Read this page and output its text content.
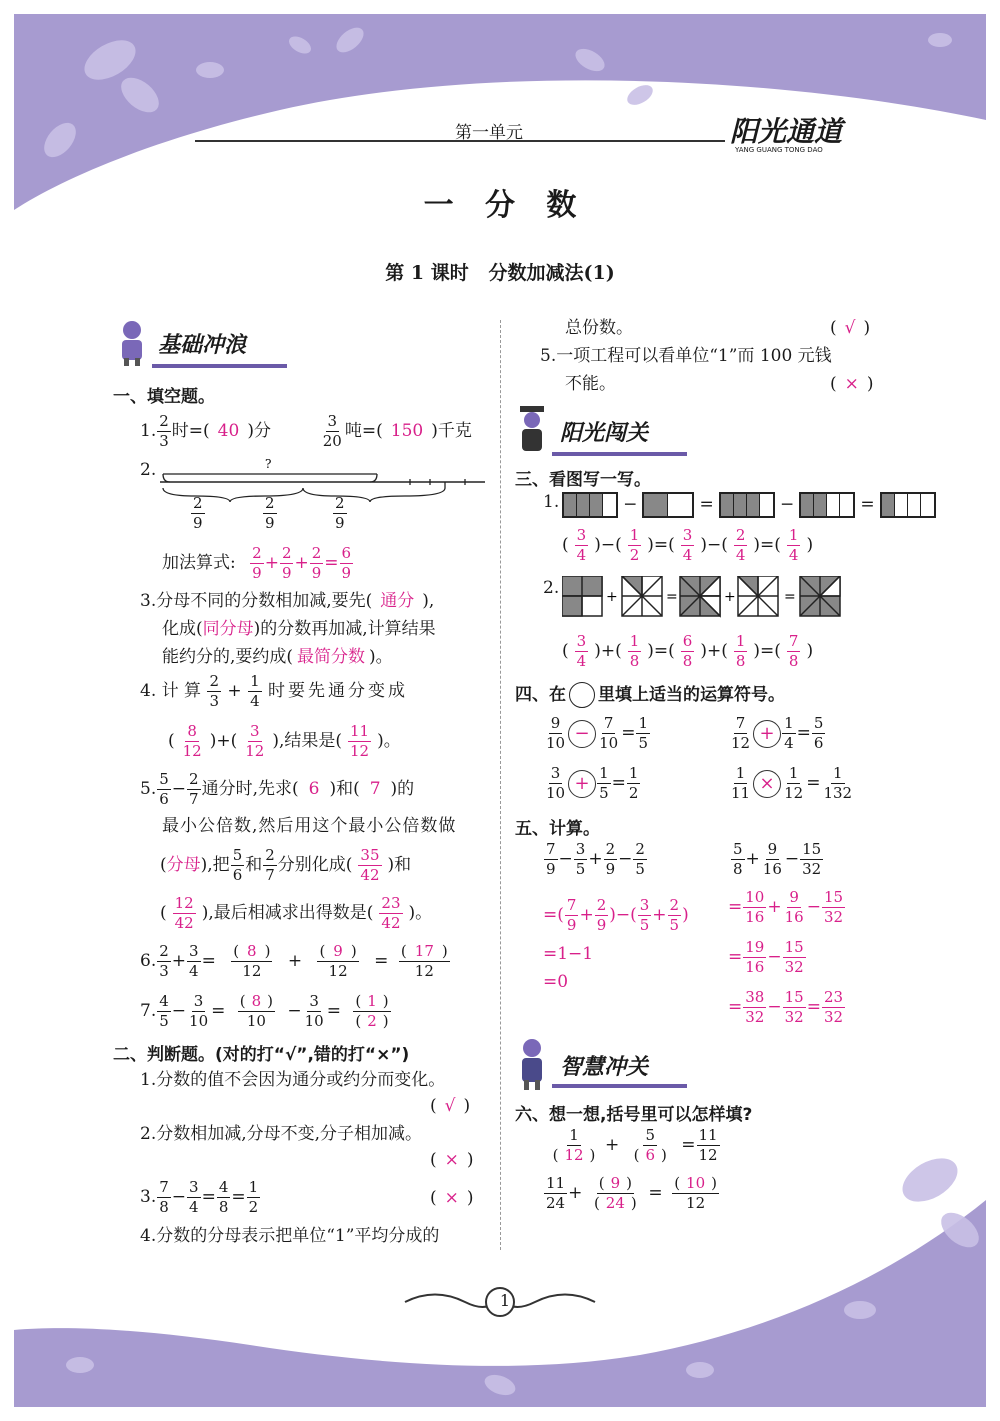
第一单元	阳光通道
YANG GUANG TONG DAO
一   分   数
第 1 课时   分数加减法(1)
基础冲浪
一、填空题。
1. $\frac{2}{3}$ 时=( 40 )分	$\frac{3}{20}$ 吨=( 150 )千克
2.	?
$\frac{2}{9}$	$\frac{2}{9}$	$\frac{2}{9}$
加法算式: $\frac{2}{9} + \frac{2}{9} + \frac{2}{9} = \frac{6}{9}$
3.分母不同的分数相加减,要先( 通分 ),
化成(同分母)的分数再加减,计算结果
能约分的,要约成( 最简分数 )。
4. 计 算 $\frac{2}{3} + \frac{1}{4}$ 时要先通分变成
( $\frac{8}{12}$ )+( $\frac{3}{12}$ ),结果是( $\frac{11}{12}$ )。
5. $\frac{5}{6} - \frac{2}{7}$ 通分时,先求( 6 )和( 7 )的
最小公倍数,然后用这个最小公倍数做
(分母),把 $\frac{5}{6}$ 和 $\frac{2}{7}$ 分别化成( $\frac{35}{42}$ )和
( $\frac{12}{42}$ ),最后相减求出得数是( $\frac{23}{42}$ )。
6. $\frac{2}{3} + \frac{3}{4} = \frac{( 8 )}{12} + \frac{( 9 )}{12} = \frac{( 17 )}{12}$
7. $\frac{4}{5} - \frac{3}{10} = \frac{( 8 )}{10} - \frac{3}{10} = \frac{( 1 )}{( 2 )}$
二、判断题。(对的打“√”,错的打“×”)
1.分数的值不会因为通分或约分而变化。
( √ )
2.分数相加减,分母不变,分子相加减。
( × )
3. $\frac{7}{8} - \frac{3}{4} = \frac{4}{8} = \frac{1}{2}$	( × )
4.分数的分母表示把单位“1”平均分成的
总份数。	( √ )
5.一项工程可以看单位“1”而 100 元钱
不能。	( × )
阳光闯关
三、看图写一写。
1.	−	=	−	=
( $\frac{3}{4}$ )−( $\frac{1}{2}$ )=( $\frac{3}{4}$ )−( $\frac{2}{4}$ )=( $\frac{1}{4}$ )
2.	+	=	+	=
( $\frac{3}{4}$ )+( $\frac{1}{8}$ )=( $\frac{6}{8}$ )+( $\frac{1}{8}$ )=( $\frac{7}{8}$ )
四、在 里填上适当的运算符号。
$\frac{9}{10} - \frac{7}{10} = \frac{1}{5}$	$\frac{7}{12} + \frac{1}{4} = \frac{5}{6}$
$\frac{3}{10} + \frac{1}{5} = \frac{1}{2}$	$\frac{1}{11} \times \frac{1}{12} = \frac{1}{132}$
五、计算。
$\frac{7}{9} - \frac{3}{5} + \frac{2}{9} - \frac{2}{5}$
=( $\frac{7}{9} + \frac{2}{9}$ )−( $\frac{3}{5} + \frac{2}{5}$ )
=1−1
=0
$\frac{5}{8} + \frac{9}{16} - \frac{15}{32}$
= $\frac{10}{16} + \frac{9}{16} - \frac{15}{32}$
= $\frac{19}{16} - \frac{15}{32}$
= $\frac{38}{32} - \frac{15}{32} = \frac{23}{32}$
智慧冲关
六、想一想,括号里可以怎样填?
$\frac{1}{( 12 )} + \frac{5}{( 6 )} = \frac{11}{12}$
$\frac{11}{24} + \frac{( 9 )}{( 24 )} = \frac{( 10 )}{12}$
1
